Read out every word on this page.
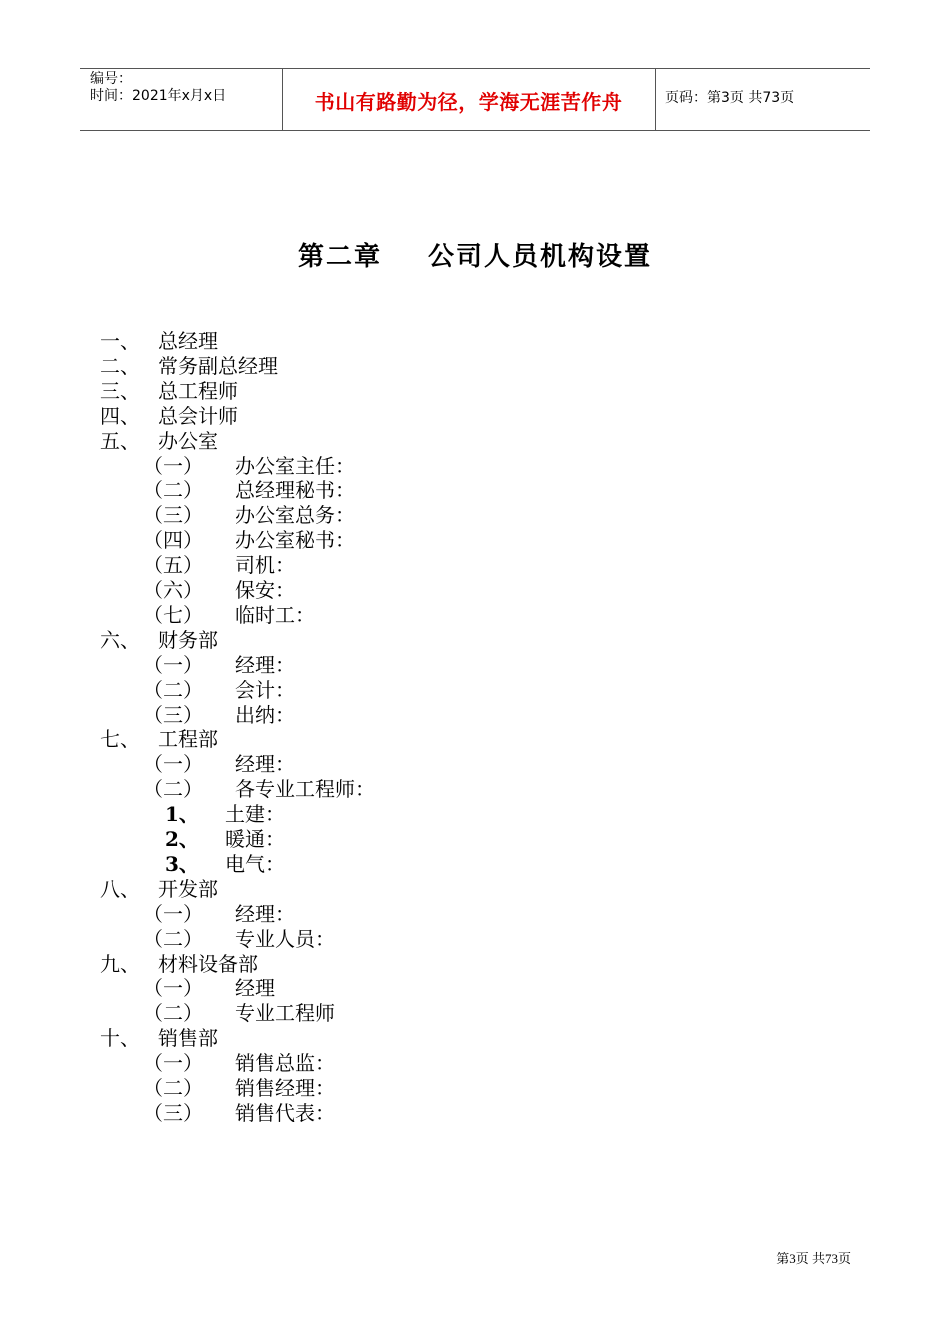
编号：
时间：2021年x月x日	书山有路勤为径，学海无涯苦作舟	页码：第3页 共73页
第二章 公司人员机构设置
一、 总经理
二、 常务副总经理
三、 总工程师
四、 总会计师
五、 办公室
（一） 办公室主任：
（二） 总经理秘书：
（三） 办公室总务：
（四） 办公室秘书：
（五） 司机：
（六） 保安：
（七） 临时工：
六、 财务部
（一） 经理：
（二） 会计：
（三） 出纳：
七、 工程部
（一） 经理：
（二） 各专业工程师：
1、 土建：
2、 暖通：
3、 电气：
八、 开发部
（一） 经理：
（二） 专业人员：
九、 材料设备部
（一） 经理
（二） 专业工程师
十、 销售部
（一） 销售总监：
（二） 销售经理：
（三） 销售代表：
第3页 共73页
